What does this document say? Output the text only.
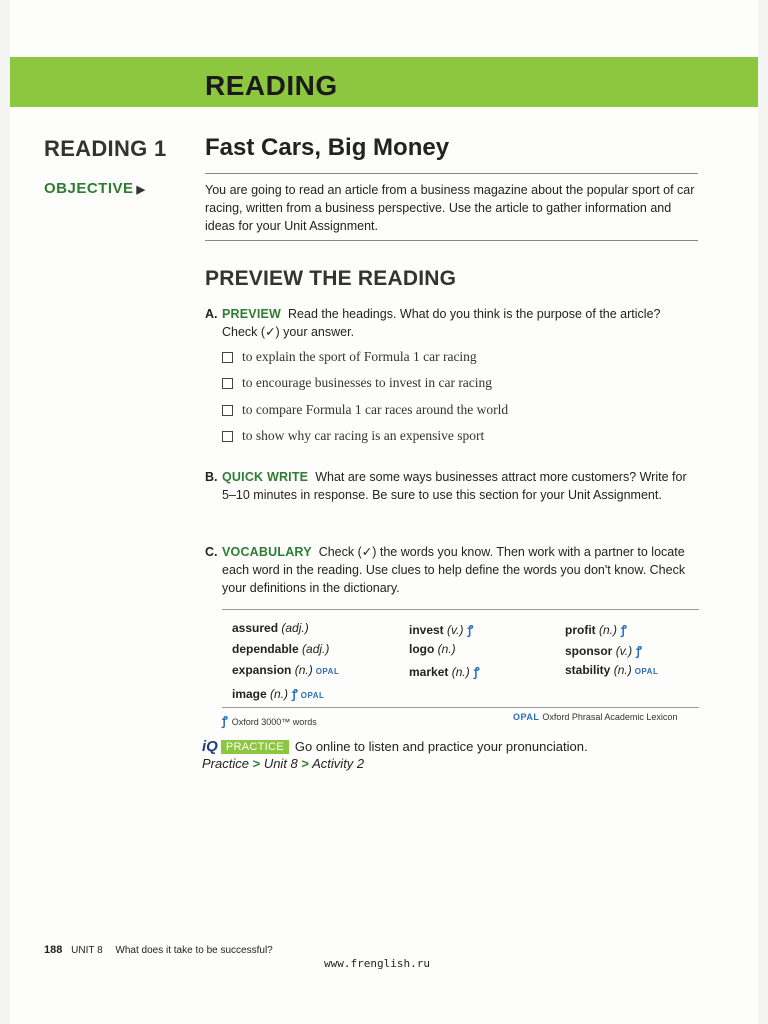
READING
READING 1
OBJECTIVE ▶
Fast Cars, Big Money
You are going to read an article from a business magazine about the popular sport of car racing, written from a business perspective. Use the article to gather information and ideas for your Unit Assignment.
PREVIEW THE READING
A. PREVIEW Read the headings. What do you think is the purpose of the article? Check (✓) your answer.
to explain the sport of Formula 1 car racing
to encourage businesses to invest in car racing
to compare Formula 1 car races around the world
to show why car racing is an expensive sport
B. QUICK WRITE What are some ways businesses attract more customers? Write for 5–10 minutes in response. Be sure to use this section for your Unit Assignment.
C. VOCABULARY Check (✓) the words you know. Then work with a partner to locate each word in the reading. Use clues to help define the words you don't know. Check your definitions in the dictionary.
assured (adj.)
dependable (adj.)
expansion (n.) OPAL
image (n.) ꝭ OPAL
invest (v.) ꝭ
logo (n.)
market (n.) ꝭ
profit (n.) ꝭ
sponsor (v.) ꝭ
stability (n.) OPAL
ꝭ Oxford 3000™ words	OPAL Oxford Phrasal Academic Lexicon
iQ PRACTICE Go online to listen and practice your pronunciation.
Practice > Unit 8 > Activity 2
188 UNIT 8 What does it take to be successful?
www.frenglish.ru
